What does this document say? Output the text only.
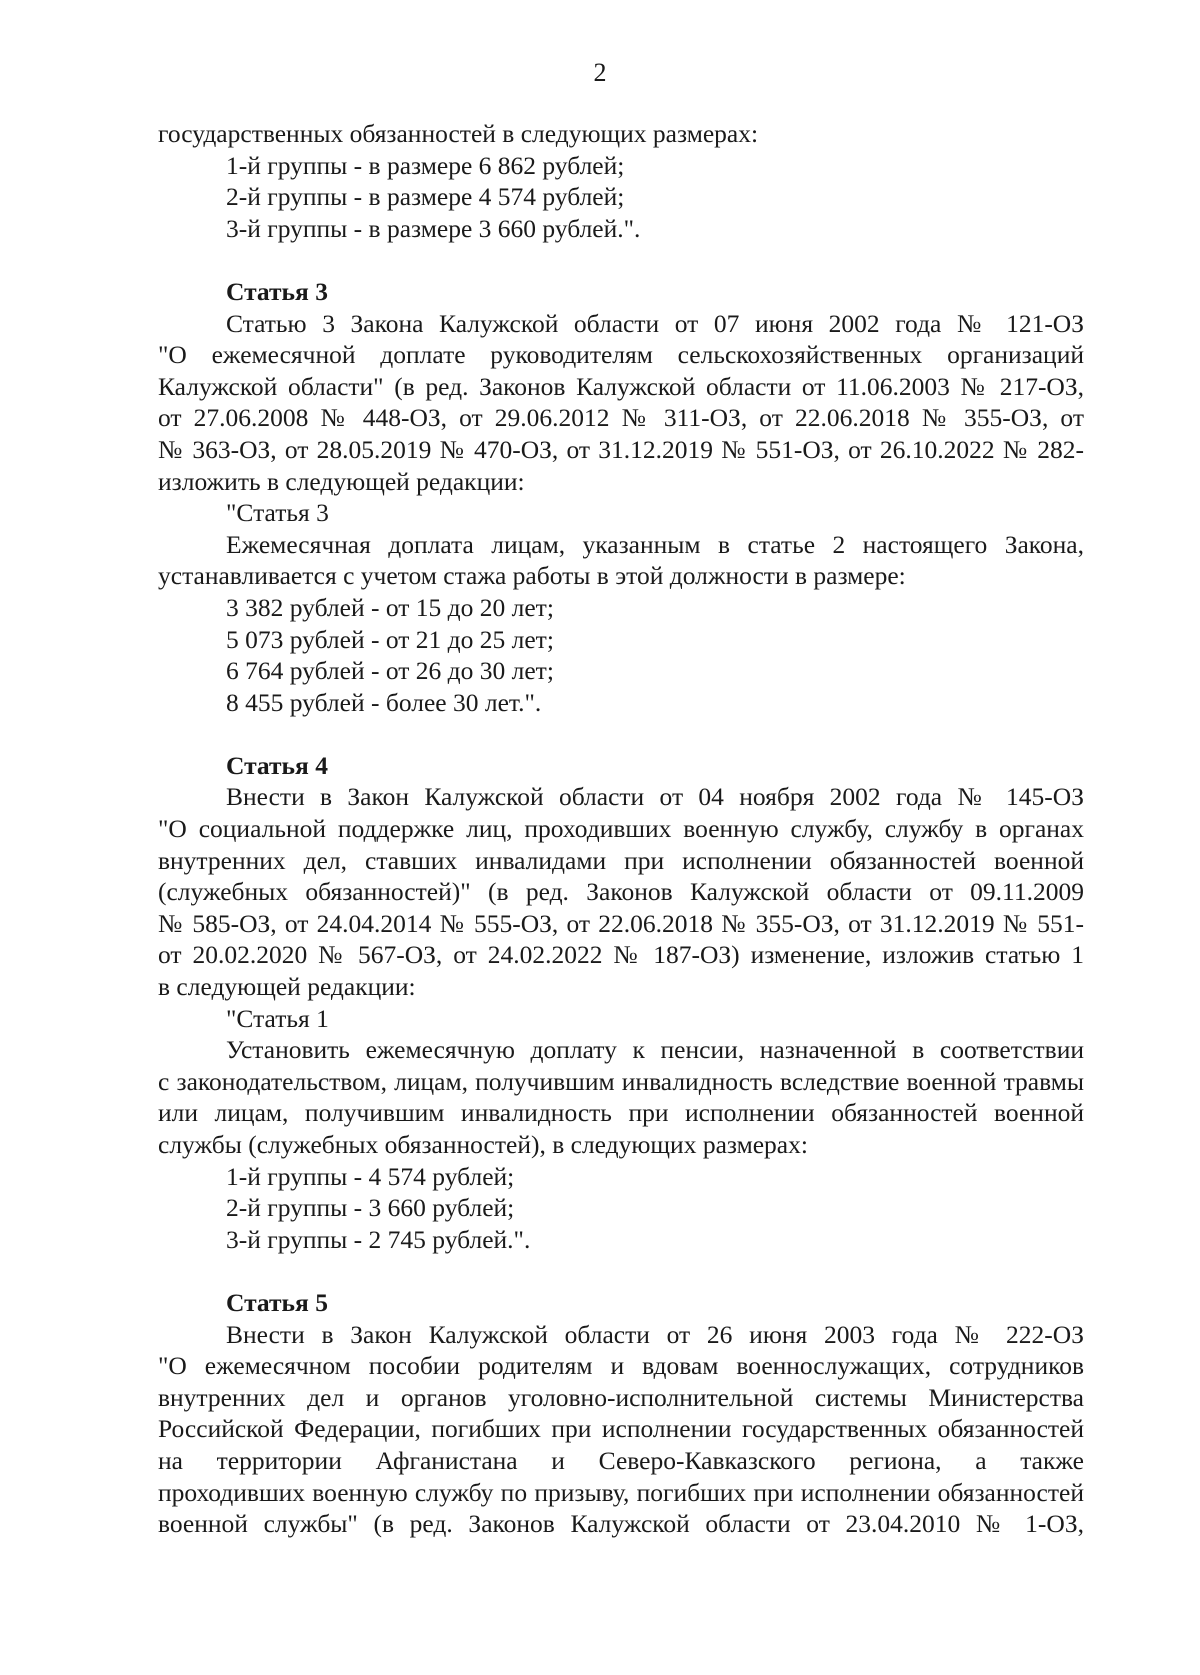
2
государственных обязанностей в следующих размерах:
1-й группы - в размере 6 862 рублей;
2-й группы - в размере 4 574 рублей;
3-й группы - в размере 3 660 рублей.".
Статья 3
Статью 3 Закона Калужской области от 07 июня 2002 года № 121-ОЗ
"О ежемесячной доплате руководителям сельскохозяйственных организаций
Калужской области" (в ред. Законов Калужской области от 11.06.2003 № 217-ОЗ,
от 27.06.2008 № 448-ОЗ, от 29.06.2012 № 311-ОЗ, от 22.06.2018 № 355-ОЗ, от
№ 363-ОЗ, от 28.05.2019 № 470-ОЗ, от 31.12.2019 № 551-ОЗ, от 26.10.2022 № 282-
изложить в следующей редакции:
"Статья 3
Ежемесячная доплата лицам, указанным в статье 2 настоящего Закона,
устанавливается с учетом стажа работы в этой должности в размере:
3 382 рублей - от 15 до 20 лет;
5 073 рублей - от 21 до 25 лет;
6 764 рублей - от 26 до 30 лет;
8 455 рублей - более 30 лет.".
Статья 4
Внести в Закон Калужской области от 04 ноября 2002 года № 145-ОЗ
"О социальной поддержке лиц, проходивших военную службу, службу в органах
внутренних дел, ставших инвалидами при исполнении обязанностей военной
(служебных обязанностей)" (в ред. Законов Калужской области от 09.11.2009
№ 585-ОЗ, от 24.04.2014 № 555-ОЗ, от 22.06.2018 № 355-ОЗ, от 31.12.2019 № 551-
от 20.02.2020 № 567-ОЗ, от 24.02.2022 № 187-ОЗ) изменение, изложив статью 1
в следующей редакции:
"Статья 1
Установить ежемесячную доплату к пенсии, назначенной в соответствии
с законодательством, лицам, получившим инвалидность вследствие военной травмы
или лицам, получившим инвалидность при исполнении обязанностей военной
службы (служебных обязанностей), в следующих размерах:
1-й группы - 4 574 рублей;
2-й группы - 3 660 рублей;
3-й группы - 2 745 рублей.".
Статья 5
Внести в Закон Калужской области от 26 июня 2003 года № 222-ОЗ
"О ежемесячном пособии родителям и вдовам военнослужащих, сотрудников
внутренних дел и органов уголовно-исполнительной системы Министерства
Российской Федерации, погибших при исполнении государственных обязанностей
на территории Афганистана и Северо-Кавказского региона, а также
проходивших военную службу по призыву, погибших при исполнении обязанностей
военной службы" (в ред. Законов Калужской области от 23.04.2010 № 1-ОЗ,
